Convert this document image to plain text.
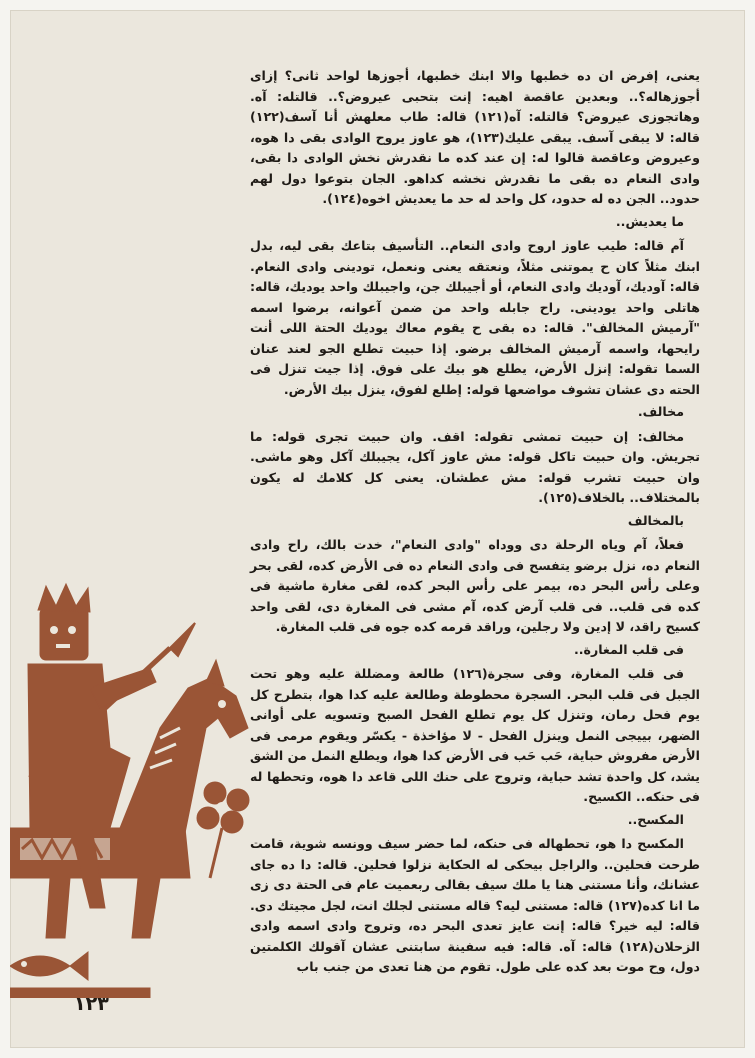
يعنى، إفرض ان ده خطبها والا ابنك خطبها، أجوزها لواحد ثانى؟ إزاى أجوزهاله؟.. وبعدين عاقصة اهيه: إنت بتحبى عيروض؟.. قالتله: آه. وهاتجوزى عيروض؟ قالتله: آه(١٢١) قاله: طاب معلهش أنا آسف(١٢٢) قاله: لا يبقى آسف. يبقى عليك(١٢٣)، هو عاوز يروح الوادى بقى دا هوه، وعيروض وعاقصة قالوا له: إن عند كده ما نقدرش نخش الوادى دا بقى، وادى النعام ده بقى ما نقدرش نخشه كداهو. الجان بتوعوا دول لهم حدود.. الجن ده له حدود، كل واحد له حد ما يعديش اخوه(١٢٤).

ما يعديش..

آم قاله: طيب عاوز اروح وادى النعام.. التأسيف بتاعك بقى ليه، بدل ابنك مثلاً كان ح يموتنى مثلاً، ونعتقه يعنى ونعمل، تودينى وادى النعام. قاله: آوديك، آوديك وادى النعام، أو أجيبلك جن، واجيبلك واحد يوديك، قاله: هاتلى واحد يودينى. راح جابله واحد من ضمن آعوانه، برضوا اسمه "آرميش المخالف". قاله: ده بقى ح يقوم معاك يوديك الحتة اللى أنت رايحها، واسمه آرميش المخالف برضو. إذا حبيت تطلع الجو لعند عنان السما تقوله: إنزل الأرض، يطلع هو بيك على فوق. إذا جيت تنزل فى الحته دى عشان تشوف مواضعها قوله: إطلع لفوق، ينزل بيك الأرض.

مخالف.

مخالف: إن حبيت تمشى تقوله: اقف. وان حبيت تجرى قوله: ما تجريش. وان حبيت تاكل قوله: مش عاوز آكل، يجيبلك آكل وهو ماشى. وان حبيت تشرب قوله: مش عطشان. يعنى كل كلامك له يكون بالمختلاف.. بالخلاف(١٢٥).

بالمخالف

فعلاً، آم وياه الرحلة دى ووداه "وادى النعام"، خدت بالك، راح وادى النعام ده، نزل برضو يتفسح فى وادى النعام ده فى الأرض كده، لقى بحر وعلى رأس البحر ده، بيمر على رأس البحر كده، لقى مغارة ماشية فى كده فى قلب.. فى قلب آرض كده، آم مشى فى المغارة دى، لقى واحد كسيح راقد، لا إدين ولا رجلين، وراقد قرمه كده جوه فى قلب المغارة.

فى قلب المغارة..

فى قلب المغارة، وفى سجرة(١٢٦) طالعة ومضللة عليه وهو تحت الجبل فى قلب البحر. السجرة محطوطة وطالعة عليه كدا هوا، بتطرح كل يوم فحل رمان، وتنزل كل يوم تطلع الفحل الصبح وتسويه على أوانى الضهر، بييجى النمل وينزل الفحل - لا مؤاخذة - يكسّر ويقوم مرمى فى الأرض مفروش حباية، حَب حَب فى الأرض كدا هوا، ويطلع النمل من الشق يشد، كل واحدة تشد حباية، وتروح على حنك اللى قاعد دا هوه، وتحطها له فى حنكه.. الكسيح.

المكسح..

المكسح دا هو، تحطهاله فى حنكه، لما حضر سيف وونسه شوية، قامت طرحت فحلين.. والراجل بيحكى له الحكاية نزلوا فحلين. قاله: دا ده جاى عشانك، وأنا مستنى هنا يا ملك سيف بقالى ربعميت عام فى الحتة دى زى ما انا كده(١٢٧) قاله: مستنى ليه؟ قاله مستنى لجلك انت، لجل مجيتك دى. قاله: ليه خير؟ قاله: إنت عايز تعدى البحر ده، وتروح وادى اسمه وادى الزحلان(١٢٨) قاله: آه. قاله: فيه سفينة سابتنى عشان آقولك الكلمتين دول، وح موت بعد كده على طول. تقوم من هنا تعدى من جنب باب

١٢٣
